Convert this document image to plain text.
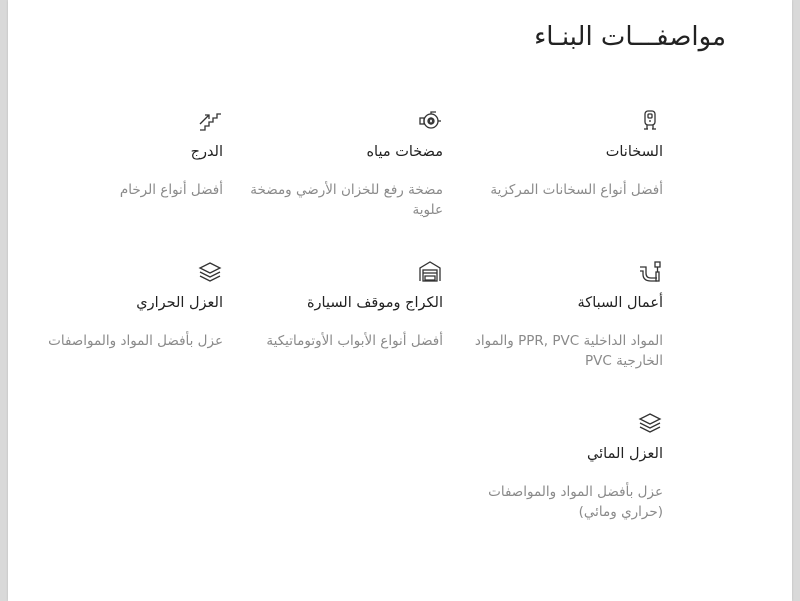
مواصفـــات البنـاء
السخانات
أفضل أنواع السخانات المركزية
مضخات مياه
مضخة رفع للخزان الأرضي ومضخة علوية
الدرج
أفضل أنواع الرخام
أعمال السباكة
المواد الداخلية PPR, PVC والمواد الخارجية PVC
الكراج وموقف السيارة
أفضل أنواع الأبواب الأوتوماتيكية
العزل الحراري
عزل بأفضل المواد والمواصفات
العزل المائي
عزل بأفضل المواد والمواصفات (حراري ومائي)
